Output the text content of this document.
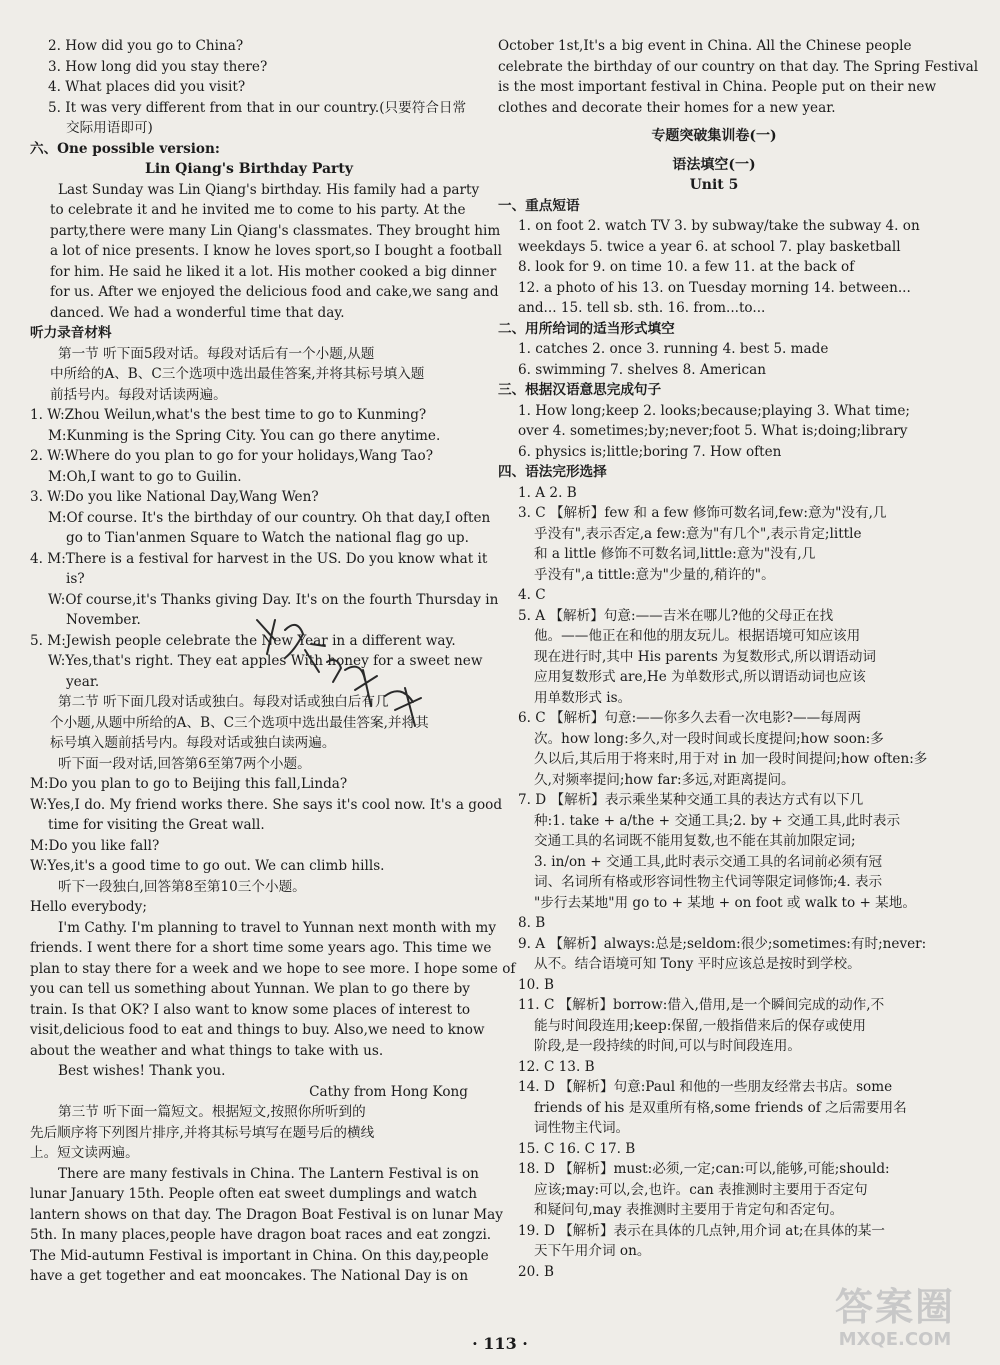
2. How did you go to China?
3. How long did you stay there?
4. What places did you visit?
5. It was very different from that in our country.(只要符合日常
交际用语即可)
六、One possible version:
Lin Qiang's Birthday Party
Last Sunday was Lin Qiang's birthday. His family had a party
to celebrate it and he invited me to come to his party. At the
party,there were many Lin Qiang's classmates. They brought him
a lot of nice presents. I know he loves sport,so I bought a football
for him. He said he liked it a lot. His mother cooked a big dinner
for us. After we enjoyed the delicious food and cake,we sang and
danced. We had a wonderful time that day.
听力录音材料
第一节 听下面5段对话。每段对话后有一个小题,从题
中所给的A、B、C三个选项中选出最佳答案,并将其标号填入题
前括号内。每段对话读两遍。
1. W:Zhou Weilun,what's the best time to go to Kunming?
M:Kunming is the Spring City. You can go there anytime.
2. W:Where do you plan to go for your holidays,Wang Tao?
M:Oh,I want to go to Guilin.
3. W:Do you like National Day,Wang Wen?
M:Of course. It's the birthday of our country. Oh that day,I often
go to Tian'anmen Square to Watch the national flag go up.
4. M:There is a festival for harvest in the US. Do you know what it
is?
W:Of course,it's Thanks giving Day. It's on the fourth Thursday in
November.
5. M:Jewish people celebrate the New Year in a different way.
W:Yes,that's right. They eat apples With honey for a sweet new
year.
第二节 听下面几段对话或独白。每段对话或独白后有几
个小题,从题中所给的A、B、C三个选项中选出最佳答案,并将其
标号填入题前括号内。每段对话或独白读两遍。
听下面一段对话,回答第6至第7两个小题。
M:Do you plan to go to Beijing this fall,Linda?
W:Yes,I do. My friend works there. She says it's cool now. It's a good
time for visiting the Great wall.
M:Do you like fall?
W:Yes,it's a good time to go out. We can climb hills.
听下一段独白,回答第8至第10三个小题。
Hello everybody;
I'm Cathy. I'm planning to travel to Yunnan next month with my
friends. I went there for a short time some years ago. This time we
plan to stay there for a week and we hope to see more. I hope some of
you can tell us something about Yunnan. We plan to go there by
train. Is that OK? I also want to know some places of interest to
visit,delicious food to eat and things to buy. Also,we need to know
about the weather and what things to take with us.
Best wishes! Thank you.
Cathy from Hong Kong
第三节 听下面一篇短文。根据短文,按照你所听到的
先后顺序将下列图片排序,并将其标号填写在题号后的横线
上。短文读两遍。
There are many festivals in China. The Lantern Festival is on
lunar January 15th. People often eat sweet dumplings and watch
lantern shows on that day. The Dragon Boat Festival is on lunar May
5th. In many places,people have dragon boat races and eat zongzi.
The Mid-autumn Festival is important in China. On this day,people
have a get together and eat mooncakes. The National Day is on
October 1st,It's a big event in China. All the Chinese people
celebrate the birthday of our country on that day. The Spring Festival
is the most important festival in China. People put on their new
clothes and decorate their homes for a new year.
专题突破集训卷(一)
语法填空(一)
Unit 5
一、重点短语
1. on foot 2. watch TV 3. by subway/take the subway 4. on
weekdays 5. twice a year 6. at school 7. play basketball
8. look for 9. on time 10. a few 11. at the back of
12. a photo of his 13. on Tuesday morning 14. between...
and... 15. tell sb. sth. 16. from...to...
二、用所给词的适当形式填空
1. catches 2. once 3. running 4. best 5. made
6. swimming 7. shelves 8. American
三、根据汉语意思完成句子
1. How long;keep 2. looks;because;playing 3. What time;
over 4. sometimes;by;never;foot 5. What is;doing;library
6. physics is;little;boring 7. How often
四、语法完形选择
1. A 2. B
3. C 【解析】few 和 a few 修饰可数名词,few:意为"没有,几
乎没有",表示否定,a few:意为"有几个",表示肯定;little
和 a little 修饰不可数名词,little:意为"没有,几
乎没有",a tittle:意为"少量的,稍许的"。
4. C
5. A 【解析】句意:——吉米在哪儿?他的父母正在找
他。——他正在和他的朋友玩儿。根据语境可知应该用
现在进行时,其中 His parents 为复数形式,所以谓语动词
应用复数形式 are,He 为单数形式,所以谓语动词也应该
用单数形式 is。
6. C 【解析】句意:——你多久去看一次电影?——每周两
次。how long:多久,对一段时间或长度提问;how soon:多
久以后,其后用于将来时,用于对 in 加一段时间提问;how often:多
久,对频率提问;how far:多远,对距离提问。
7. D 【解析】表示乘坐某种交通工具的表达方式有以下几
种:1. take + a/the + 交通工具;2. by + 交通工具,此时表示
交通工具的名词既不能用复数,也不能在其前加限定词;
3. in/on + 交通工具,此时表示交通工具的名词前必须有冠
词、名词所有格或形容词性物主代词等限定词修饰;4. 表示
"步行去某地"用 go to + 某地 + on foot 或 walk to + 某地。
8. B
9. A 【解析】always:总是;seldom:很少;sometimes:有时;never:
从不。结合语境可知 Tony 平时应该总是按时到学校。
10. B
11. C 【解析】borrow:借入,借用,是一个瞬间完成的动作,不
能与时间段连用;keep:保留,一般指借来后的保存或使用
阶段,是一段持续的时间,可以与时间段连用。
12. C 13. B
14. D 【解析】句意:Paul 和他的一些朋友经常去书店。some
friends of his 是双重所有格,some friends of 之后需要用名
词性物主代词。
15. C 16. C 17. B
18. D 【解析】must:必须,一定;can:可以,能够,可能;should:
应该;may:可以,会,也许。can 表推测时主要用于否定句
和疑问句,may 表推测时主要用于肯定句和否定句。
19. D 【解析】表示在具体的几点钟,用介词 at;在具体的某一
天下午用介词 on。
20. B
· 113 ·
答案圈
MXQE.COM
